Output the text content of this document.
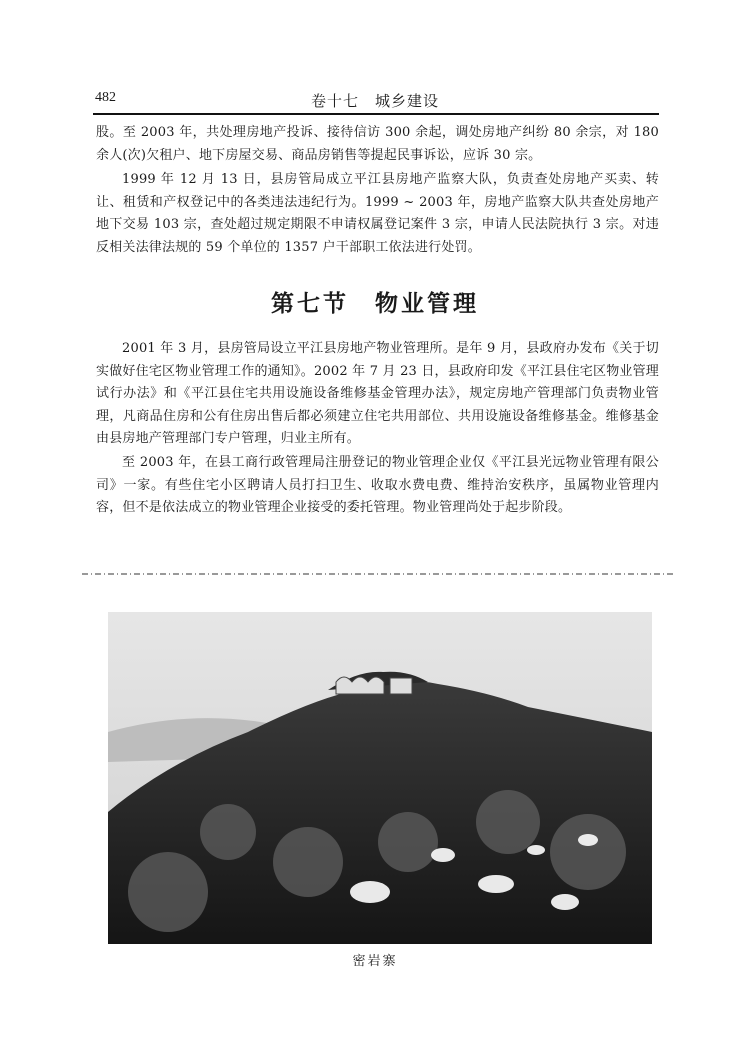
482	卷十七　城乡建设
股。至 2003 年，共处理房地产投诉、接待信访 300 余起，调处房地产纠纷 80 余宗，对 180 余人(次)欠租户、地下房屋交易、商品房销售等提起民事诉讼，应诉 30 宗。
1999 年 12 月 13 日，县房管局成立平江县房地产监察大队，负责查处房地产买卖、转让、租赁和产权登记中的各类违法违纪行为。1999 ~ 2003 年，房地产监察大队共查处房地产地下交易 103 宗，查处超过规定期限不申请权属登记案件 3 宗，申请人民法院执行 3 宗。对违反相关法律法规的 59 个单位的 1357 户干部职工依法进行处罚。
第七节　物业管理
2001 年 3 月，县房管局设立平江县房地产物业管理所。是年 9 月，县政府办发布《关于切实做好住宅区物业管理工作的通知》。2002 年 7 月 23 日，县政府印发《平江县住宅区物业管理试行办法》和《平江县住宅共用设施设备维修基金管理办法》，规定房地产管理部门负责物业管理，凡商品住房和公有住房出售后都必须建立住宅共用部位、共用设施设备维修基金。维修基金由县房地产管理部门专户管理，归业主所有。
至 2003 年，在县工商行政管理局注册登记的物业管理企业仅《平江县光远物业管理有限公司》一家。有些住宅小区聘请人员打扫卫生、收取水费电费、维持治安秩序，虽属物业管理内容，但不是依法成立的物业管理企业接受的委托管理。物业管理尚处于起步阶段。
密岩寨
